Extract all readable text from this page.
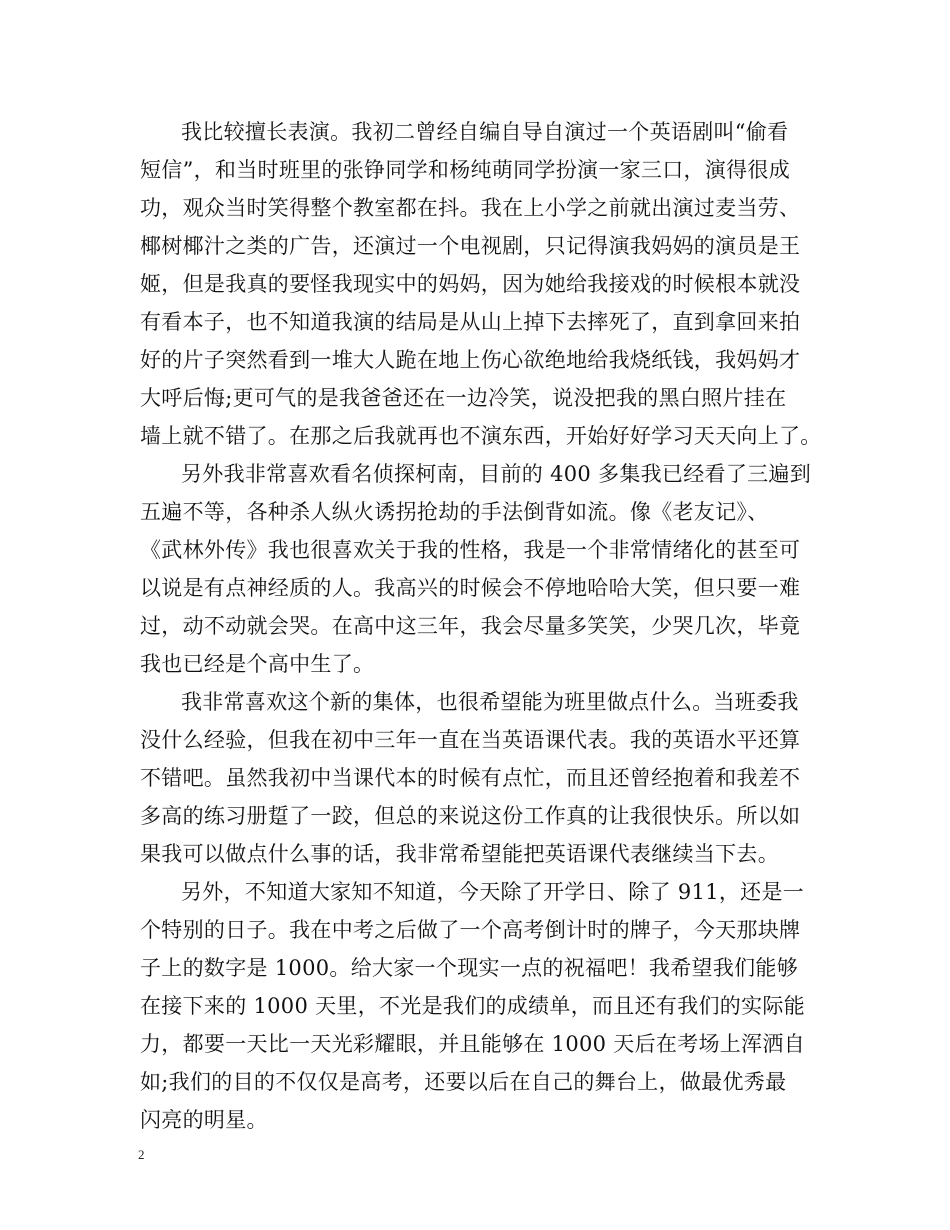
我比较擅长表演。我初二曾经自编自导自演过一个英语剧叫“偷看
短信”，和当时班里的张铮同学和杨纯萌同学扮演一家三口，演得很成
功，观众当时笑得整个教室都在抖。我在上小学之前就出演过麦当劳、
椰树椰汁之类的广告，还演过一个电视剧，只记得演我妈妈的演员是王
姬，但是我真的要怪我现实中的妈妈，因为她给我接戏的时候根本就没
有看本子，也不知道我演的结局是从山上掉下去摔死了，直到拿回来拍
好的片子突然看到一堆大人跪在地上伤心欲绝地给我烧纸钱，我妈妈才
大呼后悔;更可气的是我爸爸还在一边冷笑，说没把我的黑白照片挂在
墙上就不错了。在那之后我就再也不演东西，开始好好学习天天向上了。
另外我非常喜欢看名侦探柯南，目前的 400 多集我已经看了三遍到
五遍不等，各种杀人纵火诱拐抢劫的手法倒背如流。像《老友记》、
《武林外传》我也很喜欢关于我的性格，我是一个非常情绪化的甚至可
以说是有点神经质的人。我高兴的时候会不停地哈哈大笑，但只要一难
过，动不动就会哭。在高中这三年，我会尽量多笑笑，少哭几次，毕竟
我也已经是个高中生了。
我非常喜欢这个新的集体，也很希望能为班里做点什么。当班委我
没什么经验，但我在初中三年一直在当英语课代表。我的英语水平还算
不错吧。虽然我初中当课代本的时候有点忙，而且还曾经抱着和我差不
多高的练习册踅了一跤，但总的来说这份工作真的让我很快乐。所以如
果我可以做点什么事的话，我非常希望能把英语课代表继续当下去。
另外，不知道大家知不知道，今天除了开学日、除了 911，还是一
个特别的日子。我在中考之后做了一个高考倒计时的牌子，今天那块牌
子上的数字是 1000。给大家一个现实一点的祝福吧！我希望我们能够
在接下来的 1000 天里，不光是我们的成绩单，而且还有我们的实际能
力，都要一天比一天光彩耀眼，并且能够在 1000 天后在考场上浑洒自
如;我们的目的不仅仅是高考，还要以后在自己的舞台上，做最优秀最
闪亮的明星。
2
